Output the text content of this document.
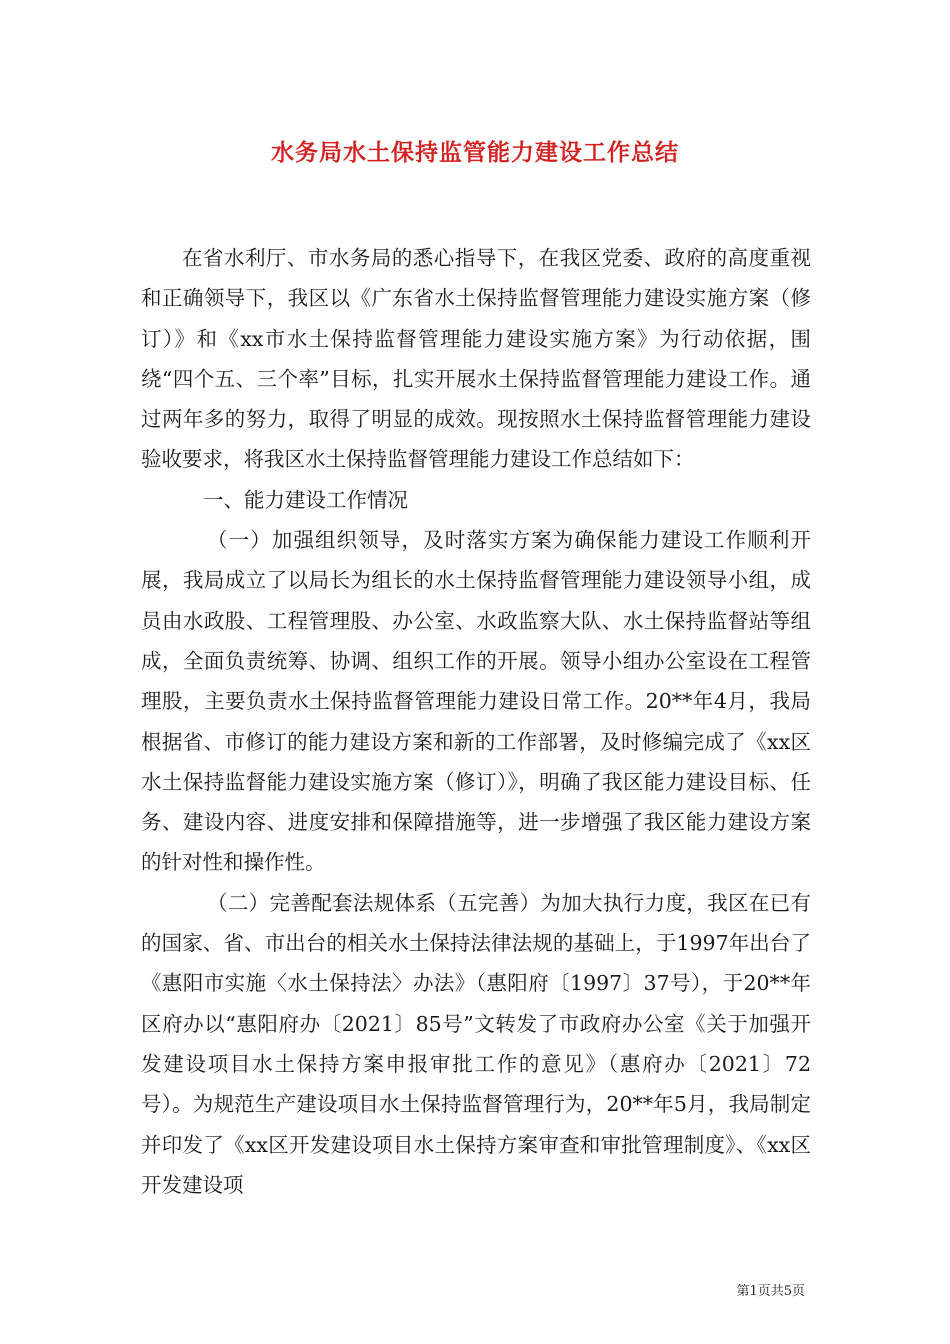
水务局水土保持监管能力建设工作总结

在省水利厅、市水务局的悉心指导下，在我区党委、政府的高度重视和正确领导下，我区以《广东省水土保持监督管理能力建设实施方案（修订）》和《xx市水土保持监督管理能力建设实施方案》为行动依据，围绕“四个五、三个率”目标，扎实开展水土保持监督管理能力建设工作。通过两年多的努力，取得了明显的成效。现按照水土保持监督管理能力建设验收要求，将我区水土保持监督管理能力建设工作总结如下：

一、能力建设工作情况

（一）加强组织领导，及时落实方案为确保能力建设工作顺利开展，我局成立了以局长为组长的水土保持监督管理能力建设领导小组，成员由水政股、工程管理股、办公室、水政监察大队、水土保持监督站等组成，全面负责统筹、协调、组织工作的开展。领导小组办公室设在工程管理股，主要负责水土保持监督管理能力建设日常工作。20**年4月，我局根据省、市修订的能力建设方案和新的工作部署，及时修编完成了《xx区水土保持监督能力建设实施方案（修订）》，明确了我区能力建设目标、任务、建设内容、进度安排和保障措施等，进一步增强了我区能力建设方案的针对性和操作性。

（二）完善配套法规体系（五完善）为加大执行力度，我区在已有的国家、省、市出台的相关水土保持法律法规的基础上，于1997年出台了《惠阳市实施〈水土保持法〉办法》（惠阳府〔1997〕37号），于20**年区府办以“惠阳府办〔2021〕85号”文转发了市政府办公室《关于加强开发建设项目水土保持方案申报审批工作的意见》（惠府办〔2021〕72号）。为规范生产建设项目水土保持监督管理行为，20**年5月，我局制定并印发了《xx区开发建设项目水土保持方案审查和审批管理制度》、《xx区开发建设项

第1页共5页
